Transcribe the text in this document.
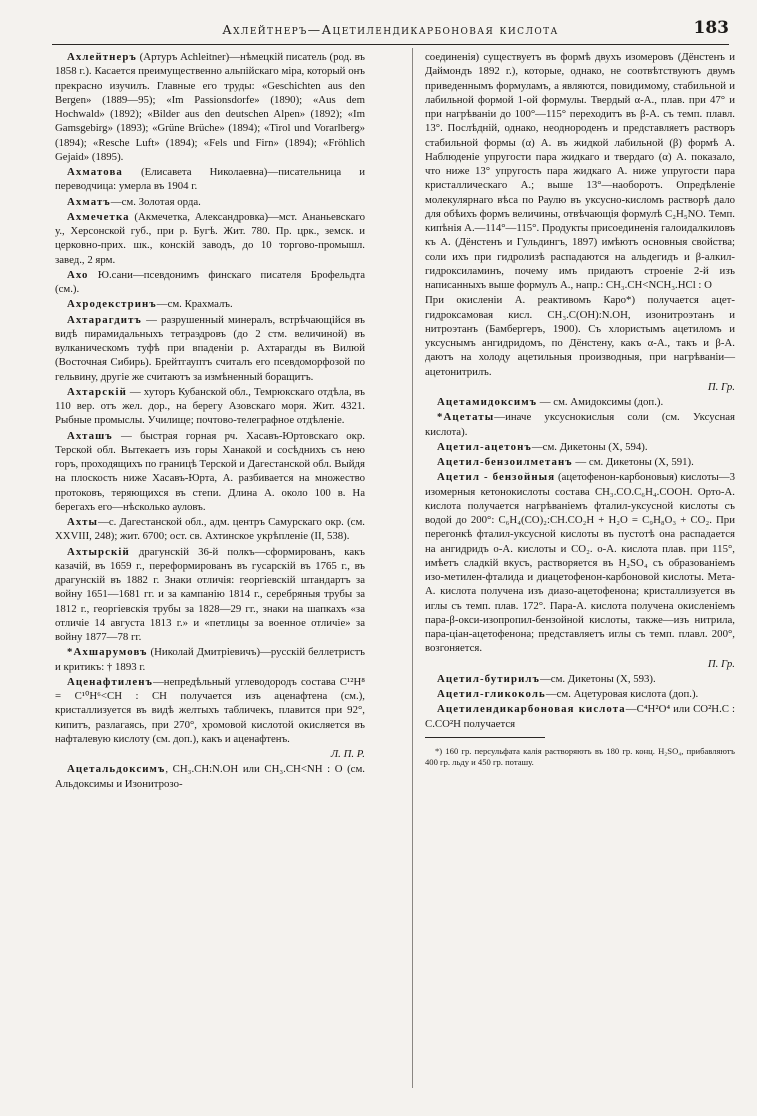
Ахлейтнеръ—Ацетилендикарбоновая кислота	183

Ахлейтнеръ (Артуръ Achleitner)—нѣмецкій писатель (род. въ 1858 г.). Касается преимущественно альпійскаго міра, который онъ прекрасно изучилъ. Главные его труды: «Geschichten aus den Bergen» (1889—95); «Im Passionsdorfe» (1890); «Aus dem Hochwald» (1892); «Bilder aus den deutschen Alpen» (1892); «Im Gamsgebirg» (1893); «Grüne Brüche» (1894); «Tirol und Vorarlberg» (1894); «Resche Luft» (1894); «Fels und Firn» (1894); «Fröhlich Gejaid» (1895).

Ахматова (Елисавета Николаевна)—писательница и переводчица: умерла въ 1904 г.

Ахматъ—см. Золотая орда.

Ахмечетка (Акмечетка, Александровка)—мст. Ананьевскаго у., Херсонской губ., при р. Бугѣ. Жит. 780. Пр. црк., земск. и церковно-прих. шк., конскій заводъ, до 10 торгово-промышл. завед., 2 ярм.

Ахо Ю.сани—псевдонимъ финскаго писателя Брофельдта (см.).

Ахродекстринъ—см. Крахмалъ.

Ахтарагдитъ — разрушенный минералъ, встрѣчающійся въ видѣ пирамидальныхъ тетраэдровъ (до 2 стм. величиной) въ вулканическомъ туфѣ при впаденіи р. Ахтарагды въ Вилюй (Восточная Сибирь). Брейтгауптъ считалъ его псевдоморфозой по гельвину, другіе же считаютъ за измѣненный боращитъ.

Ахтарскій — хуторъ Кубанской обл., Темрюкскаго отдѣла, въ 110 вер. отъ жел. дор., на берегу Азовскаго моря. Жит. 4321. Рыбные промыслы. Училище; почтово-телеграфное отдѣленіе.

Ахташъ — быстрая горная рч. Хасавъ-Юртовскаго окр. Терской обл. Вытекаетъ изъ горы Ханакой и сосѣднихъ съ нею горъ, проходящихъ по границѣ Терской и Дагестанской обл. Выйдя на плоскость ниже Хасавъ-Юрта, А. разбивается на множество протоковъ, теряющихся въ степи. Длина А. около 100 в. На берегахъ его—нѣсколько ауловъ.

Ахты—с. Дагестанской обл., адм. центръ Самурскаго окр. (см. XXVIII, 248); жит. 6700; ост. св. Ахтинское укрѣпленіе (II, 538).

Ахтырскій драгунскій 36-й полкъ—сформированъ, какъ казачій, въ 1659 г., переформированъ въ гусарскій въ 1765 г., въ драгунскій въ 1882 г. Знаки отличія: георгіевскій штандартъ за войну 1651—1681 гг. и за кампанію 1814 г., серебряныя трубы за 1812 г., георгіевскія трубы за 1828—29 гг., знаки на шапкахъ «за отличіе 14 августа 1813 г.» и «петлицы за военное отличіе» за войну 1877—78 гг.

*Ахшарумовъ (Николай Дмитріевичъ)—русскій беллетристъ и критикъ: † 1893 г.

Аценафтиленъ—непредѣльный углеводородъ состава C¹²H⁸ = C¹⁰H⁶<CH : CH получается изъ аценафтена (см.), кристаллизуется въ видѣ желтыхъ табличекъ, плавится при 92°, кипитъ, разлагаясь, при 270°, хромовой кислотой окисляется въ нафталевую кислоту (см. доп.), какъ и аценафтенъ.

Л. П. Р.

Ацетальдоксимъ, CH₃.CH:N.OH или CH₃.CH<NH : O (см. Альдоксимы и Изонитрозо-

соединенія) существуетъ въ формѣ двухъ изомеровъ (Дёнстенъ и Даймондъ 1892 г.), которые, однако, не соотвѣтствуютъ двумъ приведеннымъ формуламъ, а являются, повидимому, стабильной и лабильной формой 1-ой формулы. Твердый α-А., плав. при 47° и при нагрѣваніи до 100°—115° переходитъ въ β-А. съ темп. плавл. 13°. Послѣдній, однако, неоднороденъ и представляетъ растворъ стабильной формы (α) А. въ жидкой лабильной (β) формѣ А. Наблюденіе упругости пара жидкаго и твердаго (α) А. показало, что ниже 13° упругость пара жидкаго А. ниже упругости пара кристаллическаго А.; выше 13°—наоборотъ. Опредѣленіе молекулярнаго вѣса по Раулю въ уксусно-кисломъ растворѣ дало для обѣихъ формъ величины, отвѣчающія формулѣ C₂H₅NO. Темп. кипѣнія А.—114°—115°. Продукты присоединенія галоидалкиловъ къ А. (Дёнстенъ и Гульдингъ, 1897) имѣютъ основныя свойства; соли ихъ при гидролизѣ распадаются на альдегидъ и β-алкил-гидроксиламинъ, почему имъ придаютъ строеніе 2-й изъ написанныхъ выше формулъ А., напр.: CH₃.CH<NCH₃.HCl : O

При окисленіи А. реактивомъ Каро*) получается ацет-гидроксамовая кисл. CH₃.C(OH):N.OH, изонитроэтанъ и нитроэтанъ (Бамбергеръ, 1900). Съ хлористымъ ацетиломъ и уксуснымъ ангидридомъ, по Дёнстену, какъ α-А., такъ и β-А. даютъ на холоду ацетильныя производныя, при нагрѣваніи—ацетонитрилъ.

П. Гр.

Ацетамидоксимъ — см. Амидоксимы (доп.).

*Ацетаты—иначе уксуснокислыя соли (см. Уксусная кислота).

Ацетил-ацетонъ—см. Дикетоны (X, 594).

Ацетил-бензоилметанъ — см. Дикетоны (X, 591).

Ацетил - бензойныя (ацетофенон-карбоновыя) кислоты—3 изомерныя кетонокислоты состава CH₃.CO.C₆H₄.COOH. Орто-А. кислота получается нагрѣваніемъ фталил-уксусной кислоты съ водой до 200°: C₆H₄(CO)₂:CH.CO₂H + H₂O = C₉H₈O₃ + CO₂. При перегонкѣ фталил-уксусной кислоты въ пустотѣ она распадается на ангидридъ о-А. кислоты и CO₂. о-А. кислота плав. при 115°, имѣетъ сладкій вкусъ, растворяется въ H₂SO₄ съ образованіемъ изо-метилен-фталида и диацетофенон-карбоновой кислоты. Мета-А. кислота получена изъ диазо-ацетофенона; кристаллизуется въ иглы съ темп. плав. 172°. Пара-А. кислота получена окисленіемъ пара-β-окси-изопропил-бензойной кислоты, также—изъ нитрила, пара-ціан-ацетофенона; представляетъ иглы съ темп. плавл. 200°, возгоняется.

П. Гр.

Ацетил-бутирилъ—см. Дикетоны (X, 593).

Ацетил-гликоколь—см. Ацетуровая кислота (доп.).

Ацетилендикарбоновая кислота—C⁴H²O⁴ или CO²H.C : C.CO²H получается

*) 160 гр. персульфата калія растворяютъ въ 180 гр. конц. H₂SO₄, прибавляютъ 400 гр. льду и 450 гр. поташу.
